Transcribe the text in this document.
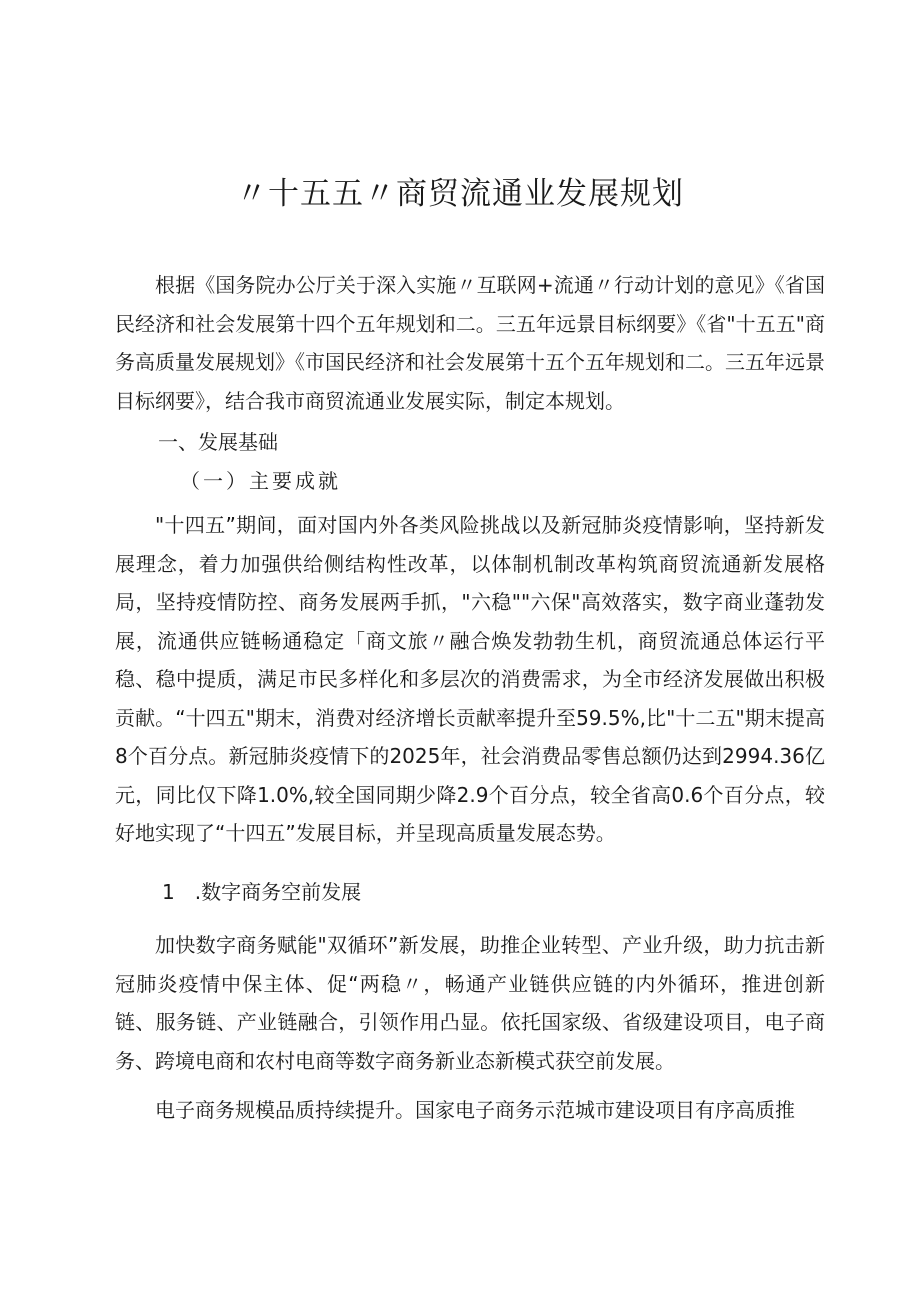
〃十五五〃商贸流通业发展规划

根据《国务院办公厅关于深入实施〃互联网+流通〃行动计划的意见》《省国民经济和社会发展第十四个五年规划和二。三五年远景目标纲要》《省"十五五"商务高质量发展规划》《市国民经济和社会发展第十五个五年规划和二。三五年远景目标纲要》，结合我市商贸流通业发展实际，制定本规划。

一、发展基础
（一）主要成就

"十四五”期间，面对国内外各类风险挑战以及新冠肺炎疫情影响，坚持新发展理念，着力加强供给侧结构性改革，以体制机制改革构筑商贸流通新发展格局，坚持疫情防控、商务发展两手抓，"六稳""六保"高效落实，数字商业蓬勃发展，流通供应链畅通稳定「商文旅〃融合焕发勃勃生机，商贸流通总体运行平稳、稳中提质，满足市民多样化和多层次的消费需求，为全市经济发展做出积极贡献。“十四五"期末，消费对经济增长贡献率提升至59.5%,比"十二五"期末提高8个百分点。新冠肺炎疫情下的2025年，社会消费品零售总额仍达到2994.36亿元，同比仅下降1.0%,较全国同期少降2.9个百分点，较全省高0.6个百分点，较好地实现了“十四五”发展目标，并呈现高质量发展态势。

1　.数字商务空前发展

加快数字商务赋能"双循环”新发展，助推企业转型、产业升级，助力抗击新冠肺炎疫情中保主体、促“两稳〃，畅通产业链供应链的内外循环，推进创新链、服务链、产业链融合，引领作用凸显。依托国家级、省级建设项目，电子商务、跨境电商和农村电商等数字商务新业态新模式获空前发展。

电子商务规模品质持续提升。国家电子商务示范城市建设项目有序高质推
